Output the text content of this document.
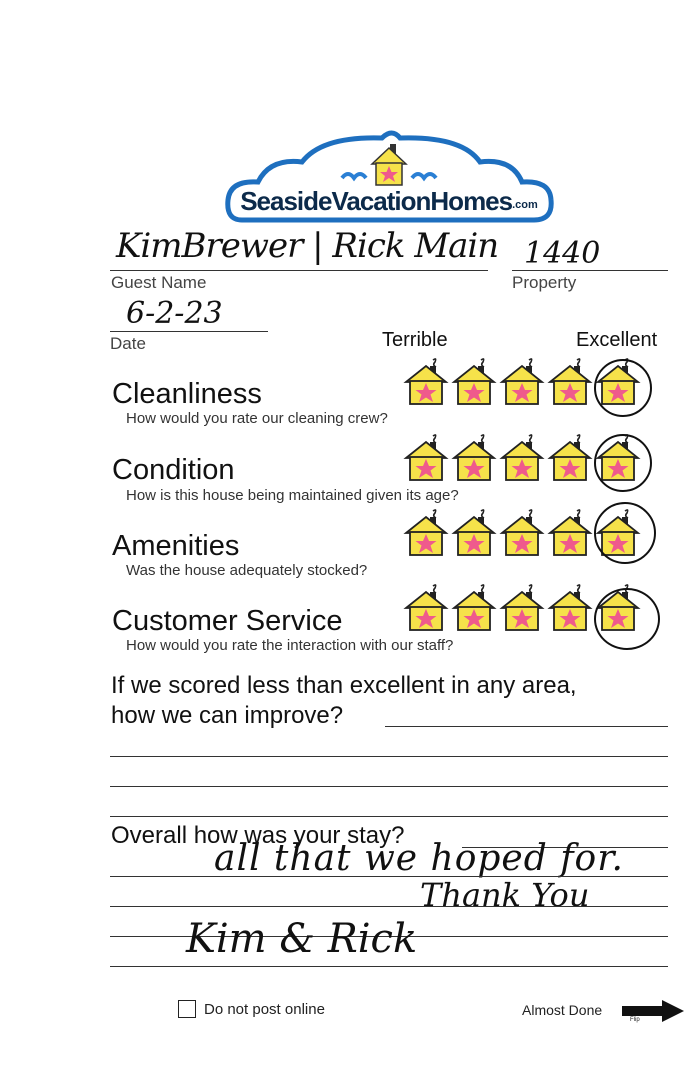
SeasideVacationHomes .com
KimBrewer | Rick Main
Guest Name
1440
Property
6-2-23
Date	Terrible	Excellent
Cleanliness
How would you rate our cleaning crew?
Condition
How is this house being maintained given its age?
Amenities
Was the house adequately stocked?
Customer Service
How would you rate the interaction with our staff?
If we scored less than excellent in any area,
how we can improve?
Overall how was your stay?
all that we hoped for.
Thank You
Kim & Rick
Do not post online	Almost Done
Flip
